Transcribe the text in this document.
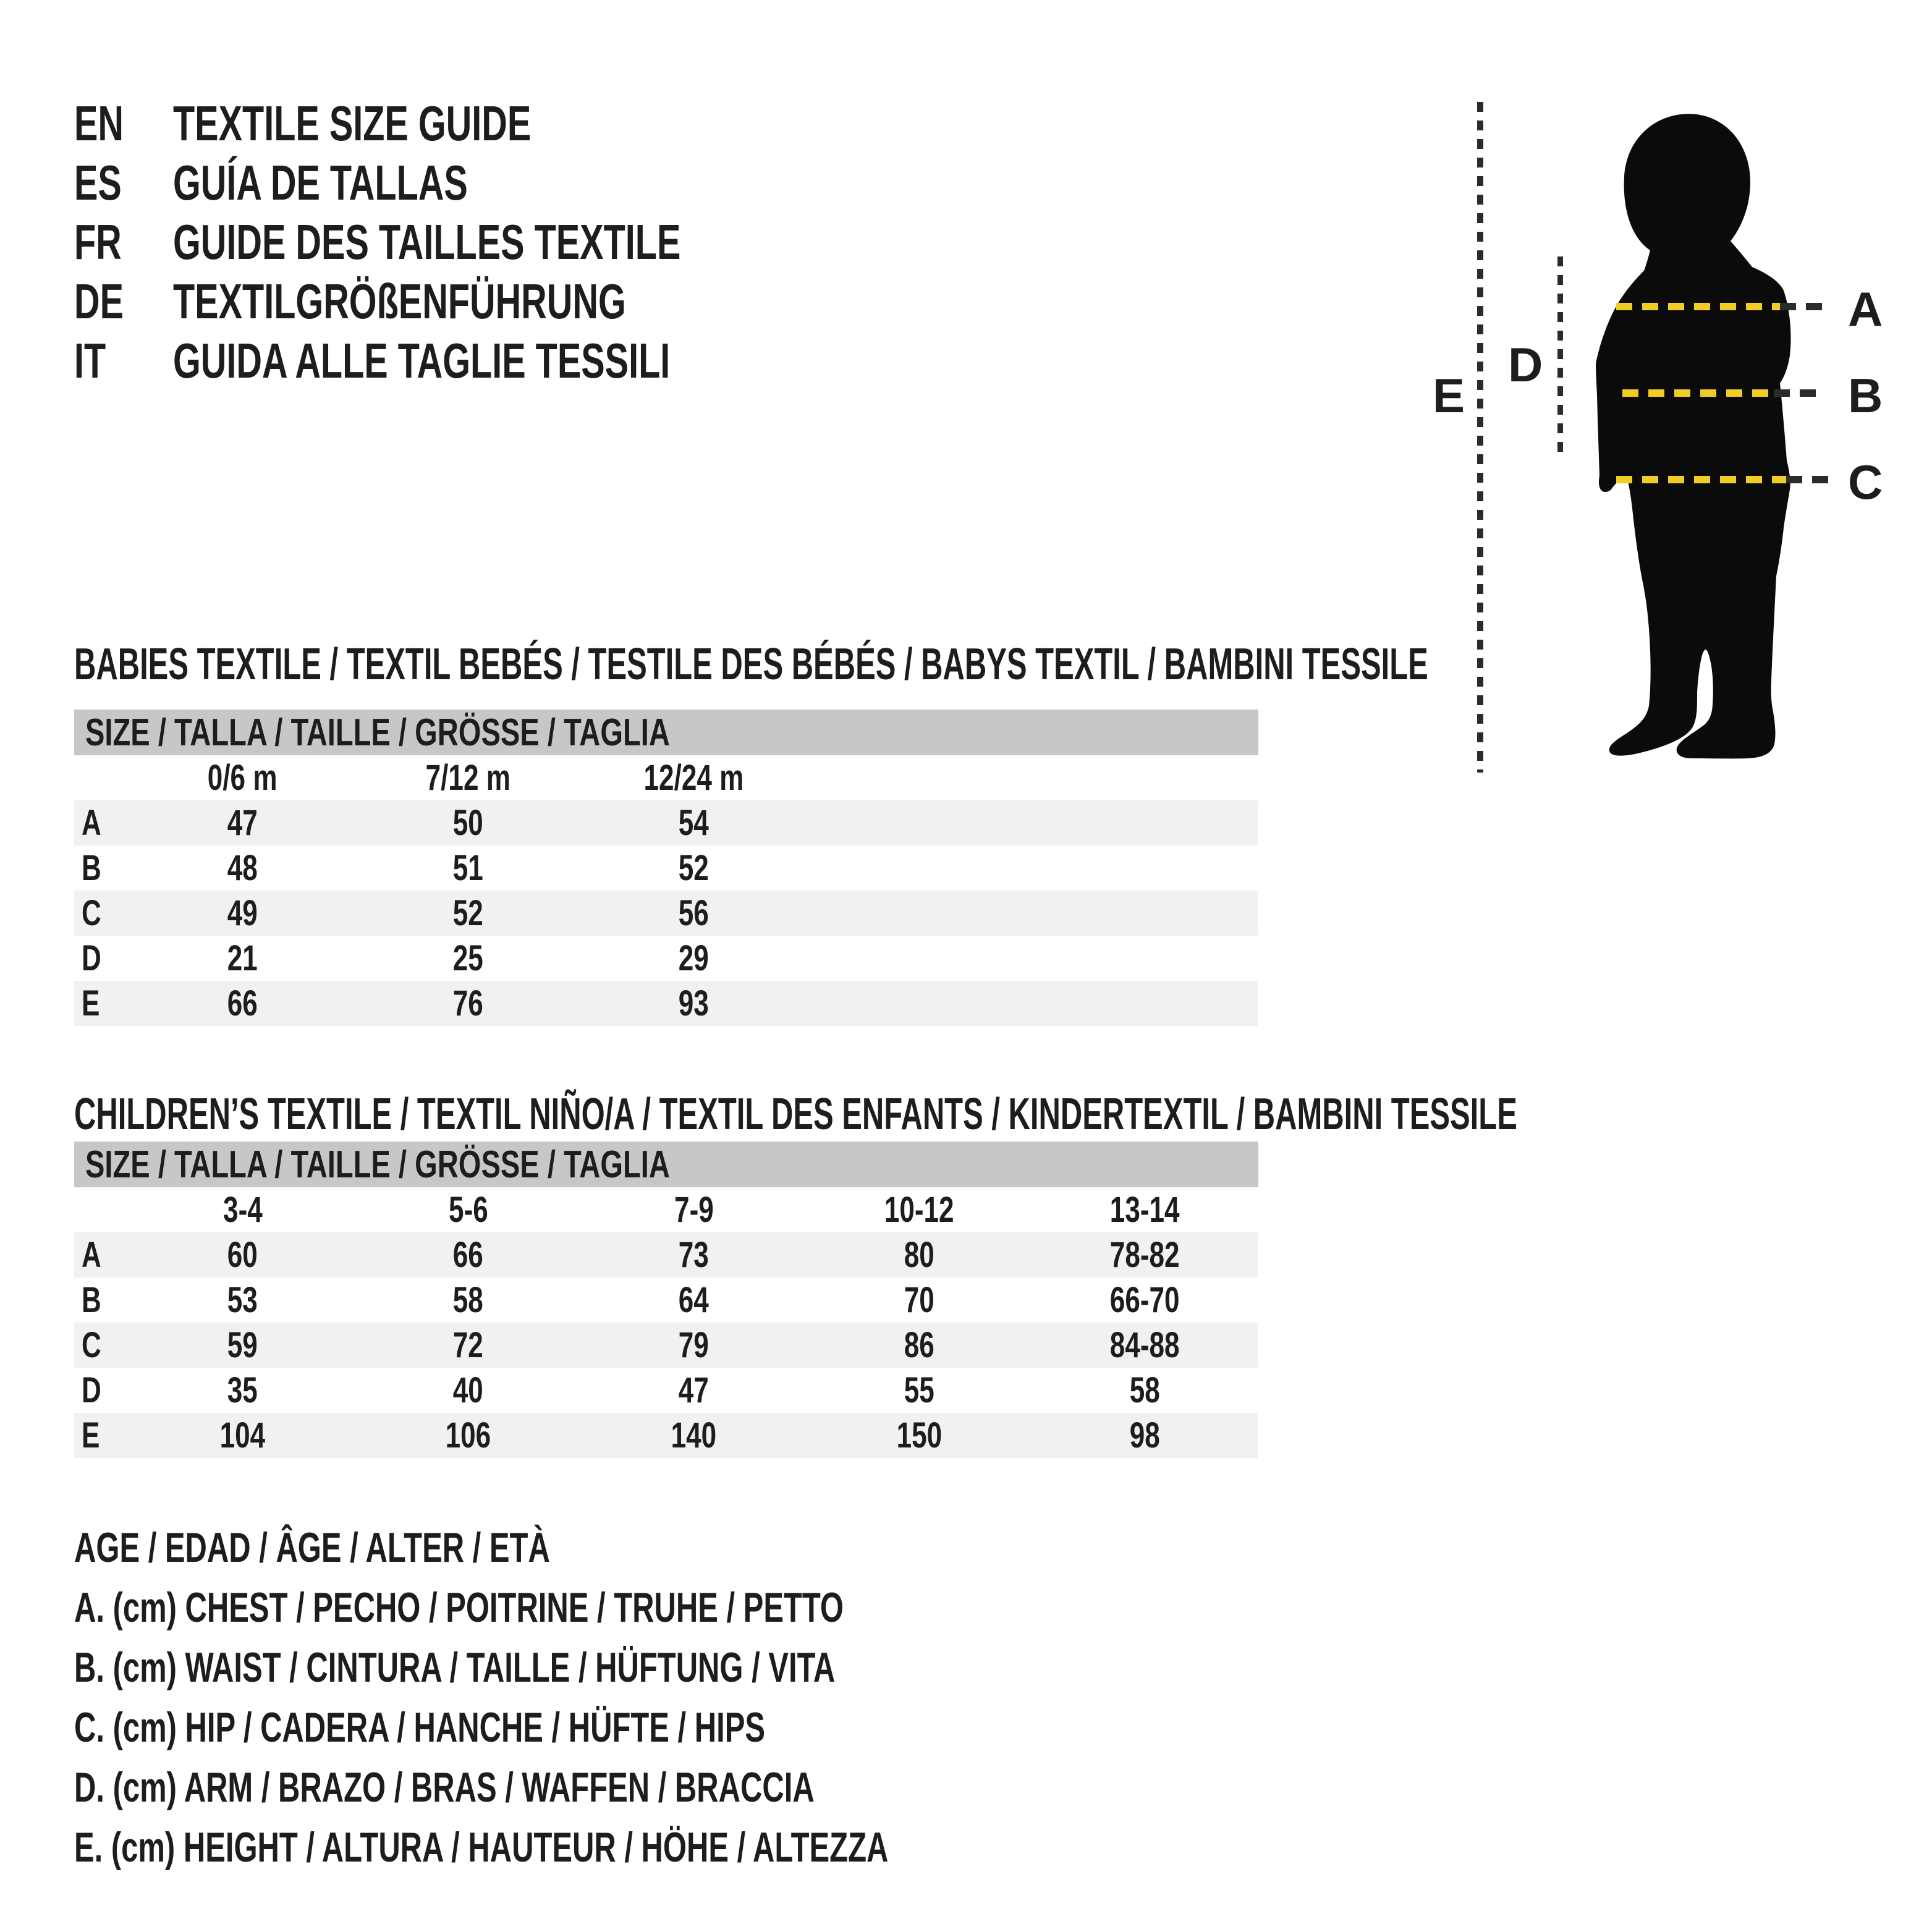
EN TEXTILE SIZE GUIDE
ES	GUÍA DE TALLAS
FR	GUIDE DES TAILLES TEXTILE
DE TEXTILGRÖßENFÜHRUNG
IT	GUIDA ALLE TAGLIE TESSILI
A
B
C
D
E
BABIES TEXTILE / TEXTIL BEBÉS / TESTILE DES BÉBÉS / BABYS TEXTIL / BAMBINI TESSILE
SIZE / TALLA / TAILLE / GRÖSSE / TAGLIA
0/6 m	7/12 m	12/24 m
A	47	50	54
B	48	51	52
C	49	52	56
D	21	25	29
E	66	76	93
CHILDREN’S TEXTILE / TEXTIL NIÑO/A / TEXTIL DES ENFANTS / KINDERTEXTIL / BAMBINI TESSILE
SIZE / TALLA / TAILLE / GRÖSSE / TAGLIA
3-4	5-6	7-9	10-12	13-14
A	60	66	73	80	78-82
B	53	58	64	70	66-70
C	59	72	79	86	84-88
D	35	40	47	55	58
E	104	106	140	150	98
AGE / EDAD / ÂGE / ALTER / ETÀ
A. (cm) CHEST / PECHO / POITRINE / TRUHE / PETTO
B. (cm) WAIST / CINTURA / TAILLE / HÜFTUNG / VITA
C. (cm) HIP / CADERA / HANCHE / HÜFTE / HIPS
D. (cm) ARM / BRAZO / BRAS / WAFFEN / BRACCIA
E. (cm) HEIGHT / ALTURA / HAUTEUR / HÖHE / ALTEZZA
